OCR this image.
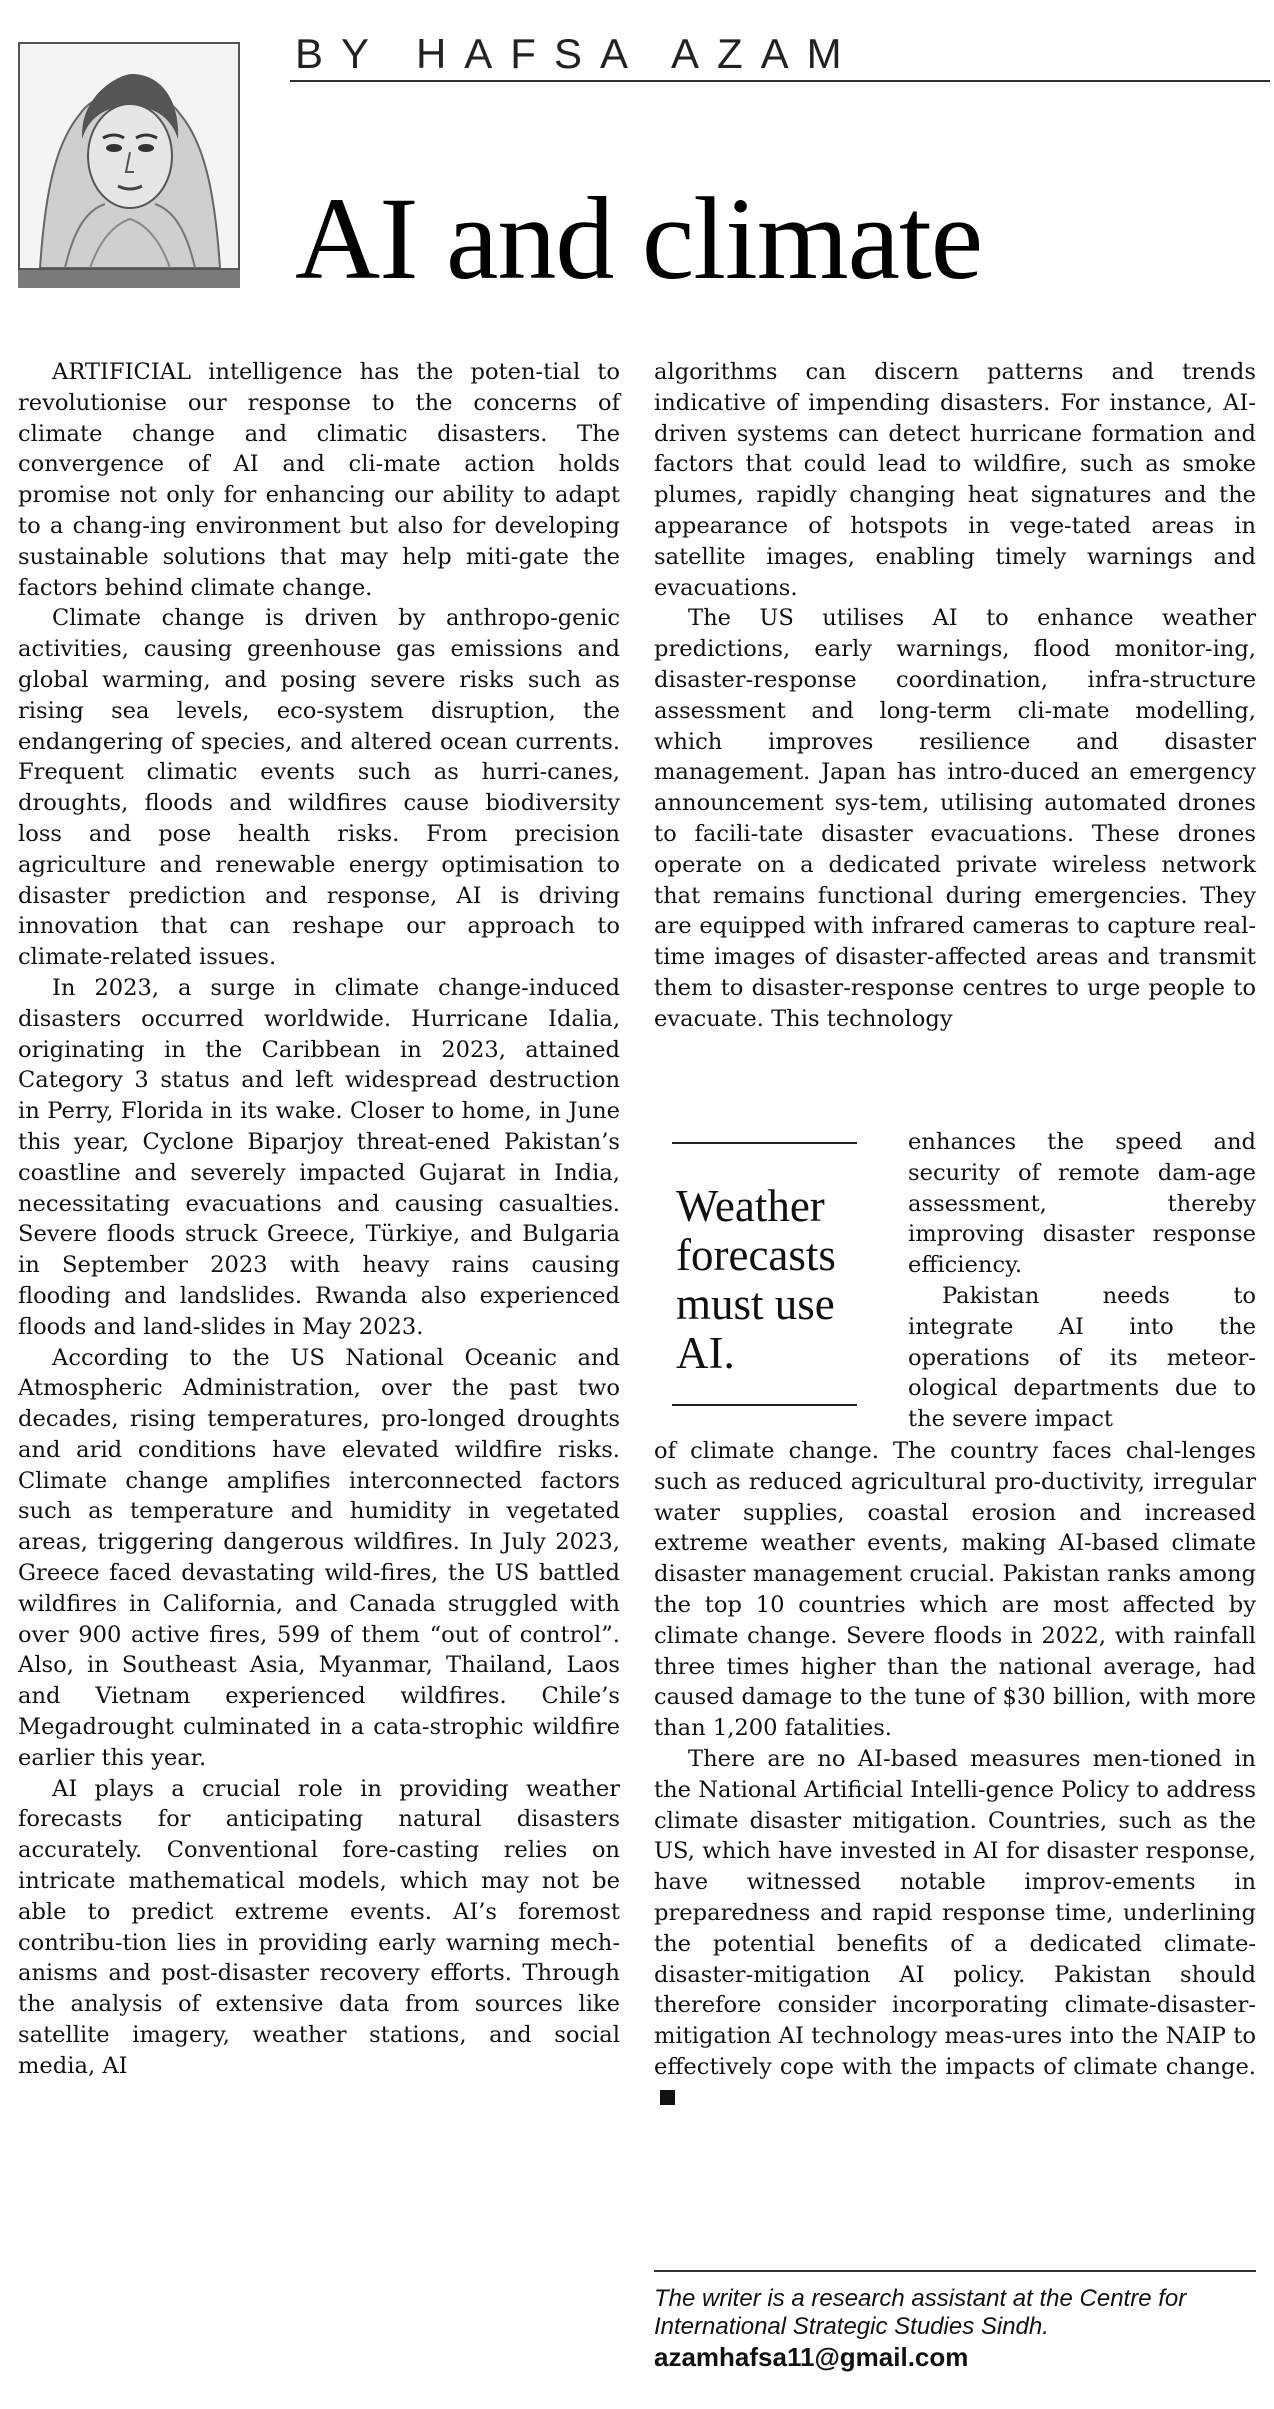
BY HAFSA AZAM
AI and climate

ARTIFICIAL intelligence has the poten-tial to revolutionise our response to the concerns of climate change and climatic disasters. The convergence of AI and cli-mate action holds promise not only for enhancing our ability to adapt to a chang-ing environment but also for developing sustainable solutions that may help miti-gate the factors behind climate change.

Climate change is driven by anthropo-genic activities, causing greenhouse gas emissions and global warming, and posing severe risks such as rising sea levels, eco-system disruption, the endangering of species, and altered ocean currents. Frequent climatic events such as hurri-canes, droughts, floods and wildfires cause biodiversity loss and pose health risks. From precision agriculture and renewable energy optimisation to disaster prediction and response, AI is driving innovation that can reshape our approach to climate-related issues.

In 2023, a surge in climate change-induced disasters occurred worldwide. Hurricane Idalia, originating in the Caribbean in 2023, attained Category 3 status and left widespread destruction in Perry, Florida in its wake. Closer to home, in June this year, Cyclone Biparjoy threat-ened Pakistan’s coastline and severely impacted Gujarat in India, necessitating evacuations and causing casualties. Severe floods struck Greece, Türkiye, and Bulgaria in September 2023 with heavy rains causing flooding and landslides. Rwanda also experienced floods and land-slides in May 2023.

According to the US National Oceanic and Atmospheric Administration, over the past two decades, rising temperatures, pro-longed droughts and arid conditions have elevated wildfire risks. Climate change amplifies interconnected factors such as temperature and humidity in vegetated areas, triggering dangerous wildfires. In July 2023, Greece faced devastating wild-fires, the US battled wildfires in California, and Canada struggled with over 900 active fires, 599 of them “out of control”. Also, in Southeast Asia, Myanmar, Thailand, Laos and Vietnam experienced wildfires. Chile’s Megadrought culminated in a cata-strophic wildfire earlier this year.

AI plays a crucial role in providing weather forecasts for anticipating natural disasters accurately. Conventional fore-casting relies on intricate mathematical models, which may not be able to predict extreme events. AI’s foremost contribu-tion lies in providing early warning mech-anisms and post-disaster recovery efforts. Through the analysis of extensive data from sources like satellite imagery, weather stations, and social media, AI

algorithms can discern patterns and trends indicative of impending disasters. For instance, AI-driven systems can detect hurricane formation and factors that could lead to wildfire, such as smoke plumes, rapidly changing heat signatures and the appearance of hotspots in vege-tated areas in satellite images, enabling timely warnings and evacuations.

The US utilises AI to enhance weather predictions, early warnings, flood monitor-ing, disaster-response coordination, infra-structure assessment and long-term cli-mate modelling, which improves resilience and disaster management. Japan has intro-duced an emergency announcement sys-tem, utilising automated drones to facili-tate disaster evacuations. These drones operate on a dedicated private wireless network that remains functional during emergencies. They are equipped with infrared cameras to capture real-time images of disaster-affected areas and transmit them to disaster-response centres to urge people to evacuate. This technology

Weather forecasts must use AI.

enhances the speed and security of remote dam-age assessment, thereby improving disaster response efficiency.

Pakistan needs to integrate AI into the operations of its meteor-ological departments due to the severe impact

of climate change. The country faces chal-lenges such as reduced agricultural pro-ductivity, irregular water supplies, coastal erosion and increased extreme weather events, making AI-based climate disaster management crucial. Pakistan ranks among the top 10 countries which are most affected by climate change. Severe floods in 2022, with rainfall three times higher than the national average, had caused damage to the tune of $30 billion, with more than 1,200 fatalities.

There are no AI-based measures men-tioned in the National Artificial Intelli-gence Policy to address climate disaster mitigation. Countries, such as the US, which have invested in AI for disaster response, have witnessed notable improv-ements in preparedness and rapid response time, underlining the potential benefits of a dedicated climate-disaster-mitigation AI policy. Pakistan should therefore consider incorporating climate-disaster-mitigation AI technology meas-ures into the NAIP to effectively cope with the impacts of climate change.

The writer is a research assistant at the Centre for International Strategic Studies Sindh.
azamhafsa11@gmail.com
